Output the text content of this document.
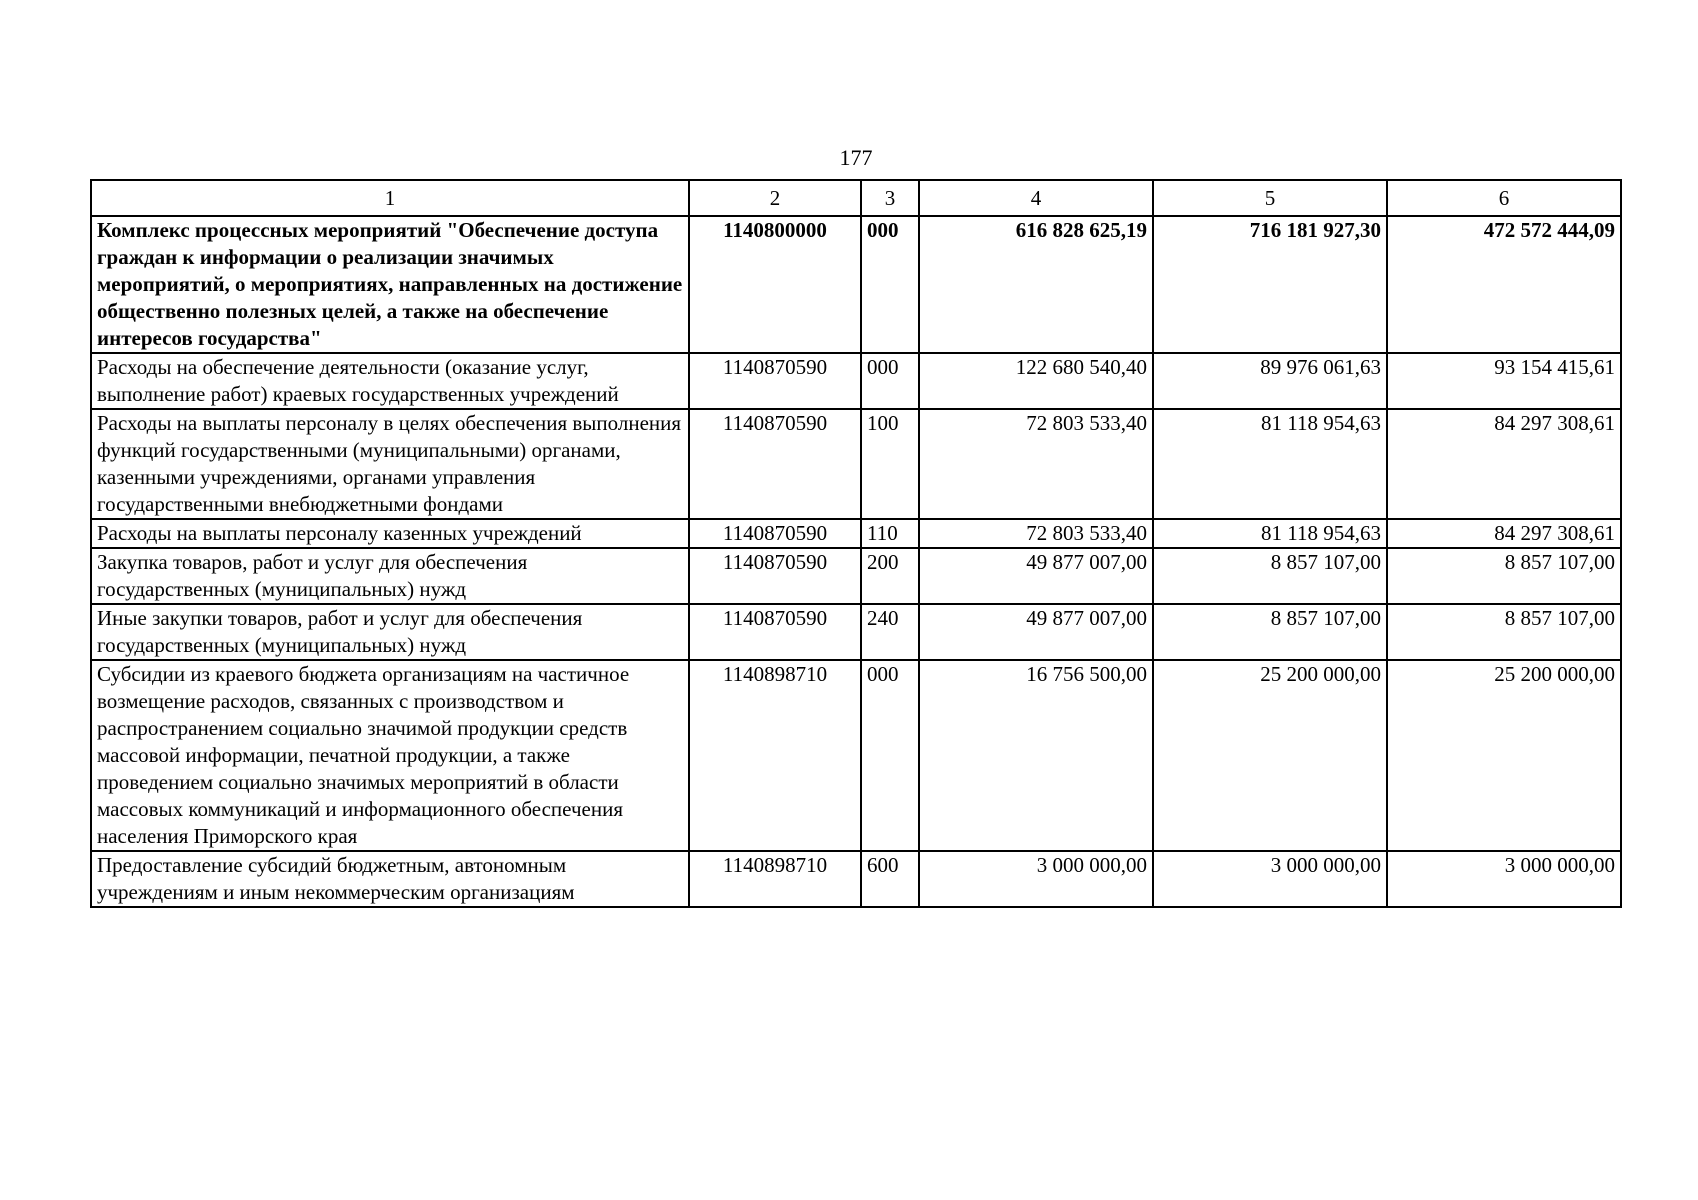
177
1	2	3	4	5	6
Комплекс процессных мероприятий "Обеспечение доступа граждан к информации о реализации значимых мероприятий, о мероприятиях, направленных на достижение общественно полезных целей, а также на обеспечение интересов государства"	1140800000	000	616 828 625,19	716 181 927,30	472 572 444,09
Расходы на обеспечение деятельности (оказание услуг, выполнение работ) краевых государственных учреждений	1140870590	000	122 680 540,40	89 976 061,63	93 154 415,61
Расходы на выплаты персоналу в целях обеспечения выполнения функций государственными (муниципальными) органами, казенными учреждениями, органами управления государственными внебюджетными фондами	1140870590	100	72 803 533,40	81 118 954,63	84 297 308,61
Расходы на выплаты персоналу казенных учреждений	1140870590	110	72 803 533,40	81 118 954,63	84 297 308,61
Закупка товаров, работ и услуг для обеспечения государственных (муниципальных) нужд	1140870590	200	49 877 007,00	8 857 107,00	8 857 107,00
Иные закупки товаров, работ и услуг для обеспечения государственных (муниципальных) нужд	1140870590	240	49 877 007,00	8 857 107,00	8 857 107,00
Субсидии из краевого бюджета организациям на частичное возмещение расходов, связанных с производством и распространением социально значимой продукции средств массовой информации, печатной продукции, а также проведением социально значимых мероприятий в области массовых коммуникаций и информационного обеспечения населения Приморского края	1140898710	000	16 756 500,00	25 200 000,00	25 200 000,00
Предоставление субсидий бюджетным, автономным учреждениям и иным некоммерческим организациям	1140898710	600	3 000 000,00	3 000 000,00	3 000 000,00
